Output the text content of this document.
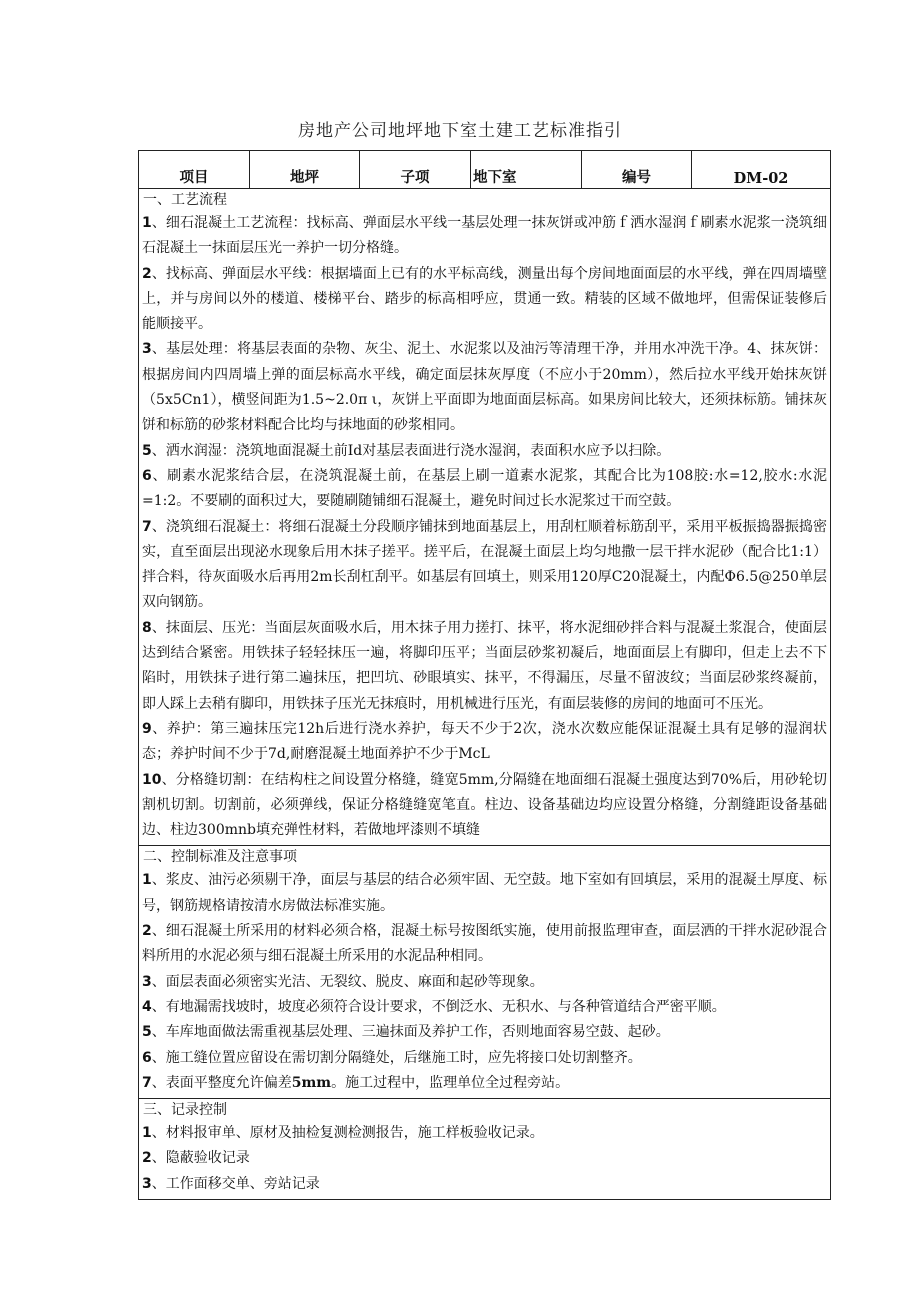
房地产公司地坪地下室土建工艺标准指引
项目	地坪	子项	地下室	编号	DM-02

一、工艺流程

1、细石混凝土工艺流程：找标高、弹面层水平线一基层处理一抹灰饼或冲筋ｆ洒水湿润ｆ刷素水泥浆一浇筑细石混凝土一抹面层压光一养护一切分格缝。

2、找标高、弹面层水平线：根据墙面上已有的水平标高线，测量出每个房间地面面层的水平线，弹在四周墙壁上，并与房间以外的楼道、楼梯平台、踏步的标高相呼应，贯通一致。精装的区域不做地坪，但需保证装修后能顺接平。

3、基层处理：将基层表面的杂物、灰尘、泥土、水泥浆以及油污等清理干净，并用水冲洗干净。4、抹灰饼：根据房间内四周墙上弹的面层标高水平线，确定面层抹灰厚度（不应小于20mm），然后拉水平线开始抹灰饼（5x5Cn1），横竖间距为1.5~2.0π ι，灰饼上平面即为地面面层标高。如果房间比较大，还须抹标筋。铺抹灰饼和标筋的砂浆材料配合比均与抹地面的砂浆相同。

5、洒水润湿：浇筑地面混凝土前Id对基层表面进行浇水湿润，表面积水应予以扫除。

6、刷素水泥浆结合层，在浇筑混凝土前，在基层上刷一道素水泥浆，其配合比为108胶:水=12,胶水:水泥=1:2。不要刷的面积过大，要随刷随铺细石混凝土，避免时间过长水泥浆过干而空鼓。

7、浇筑细石混凝土：将细石混凝土分段顺序铺抹到地面基层上，用刮杠顺着标筋刮平，采用平板振捣器振捣密实，直至面层出现泌水现象后用木抹子搓平。搓平后，在混凝土面层上均匀地撒一层干拌水泥砂（配合比1:1）拌合料，待灰面吸水后再用2m长刮杠刮平。如基层有回填土，则采用120厚C20混凝土，内配Φ6.5@250单层双向钢筋。

8、抹面层、压光：当面层灰面吸水后，用木抹子用力搓打、抹平，将水泥细砂拌合料与混凝土浆混合，使面层达到结合紧密。用铁抹子轻轻抹压一遍，将脚印压平；当面层砂浆初凝后，地面面层上有脚印，但走上去不下陷时，用铁抹子进行第二遍抹压，把凹坑、砂眼填实、抹平，不得漏压，尽量不留波纹；当面层砂浆终凝前，即人踩上去稍有脚印，用铁抹子压光无抹痕时，用机械进行压光，有面层装修的房间的地面可不压光。

9、养护：第三遍抹压完12h后进行浇水养护，每天不少于2次，浇水次数应能保证混凝土具有足够的湿润状态；养护时间不少于7d,耐磨混凝土地面养护不少于McL

10、分格缝切割：在结构柱之间设置分格缝，缝宽5mm,分隔缝在地面细石混凝土强度达到70%后，用砂轮切割机切割。切割前，必须弹线，保证分格缝缝宽笔直。柱边、设备基础边均应设置分格缝，分割缝距设备基础边、柱边300mnb填充弹性材料，若做地坪漆则不填缝

二、控制标准及注意事项

1、浆皮、油污必须剔干净，面层与基层的结合必须牢固、无空鼓。地下室如有回填层，采用的混凝土厚度、标号，钢筋规格请按清水房做法标准实施。

2、细石混凝土所采用的材料必须合格，混凝土标号按图纸实施，使用前报监理审查，面层洒的干拌水泥砂混合料所用的水泥必须与细石混凝土所采用的水泥品种相同。

3、面层表面必须密实光洁、无裂纹、脱皮、麻面和起砂等现象。

4、有地漏需找坡时，坡度必须符合设计要求，不倒泛水、无积水、与各种管道结合严密平顺。

5、车库地面做法需重视基层处理、三遍抹面及养护工作，否则地面容易空鼓、起砂。

6、施工缝位置应留设在需切割分隔缝处，后继施工时，应先将接口处切割整齐。

7、表面平整度允许偏差5mm。施工过程中，监理单位全过程旁站。

三、记录控制

1、材料报审单、原材及抽检复测检测报告，施工样板验收记录。

2、隐蔽验收记录

3、工作面移交单、旁站记录
